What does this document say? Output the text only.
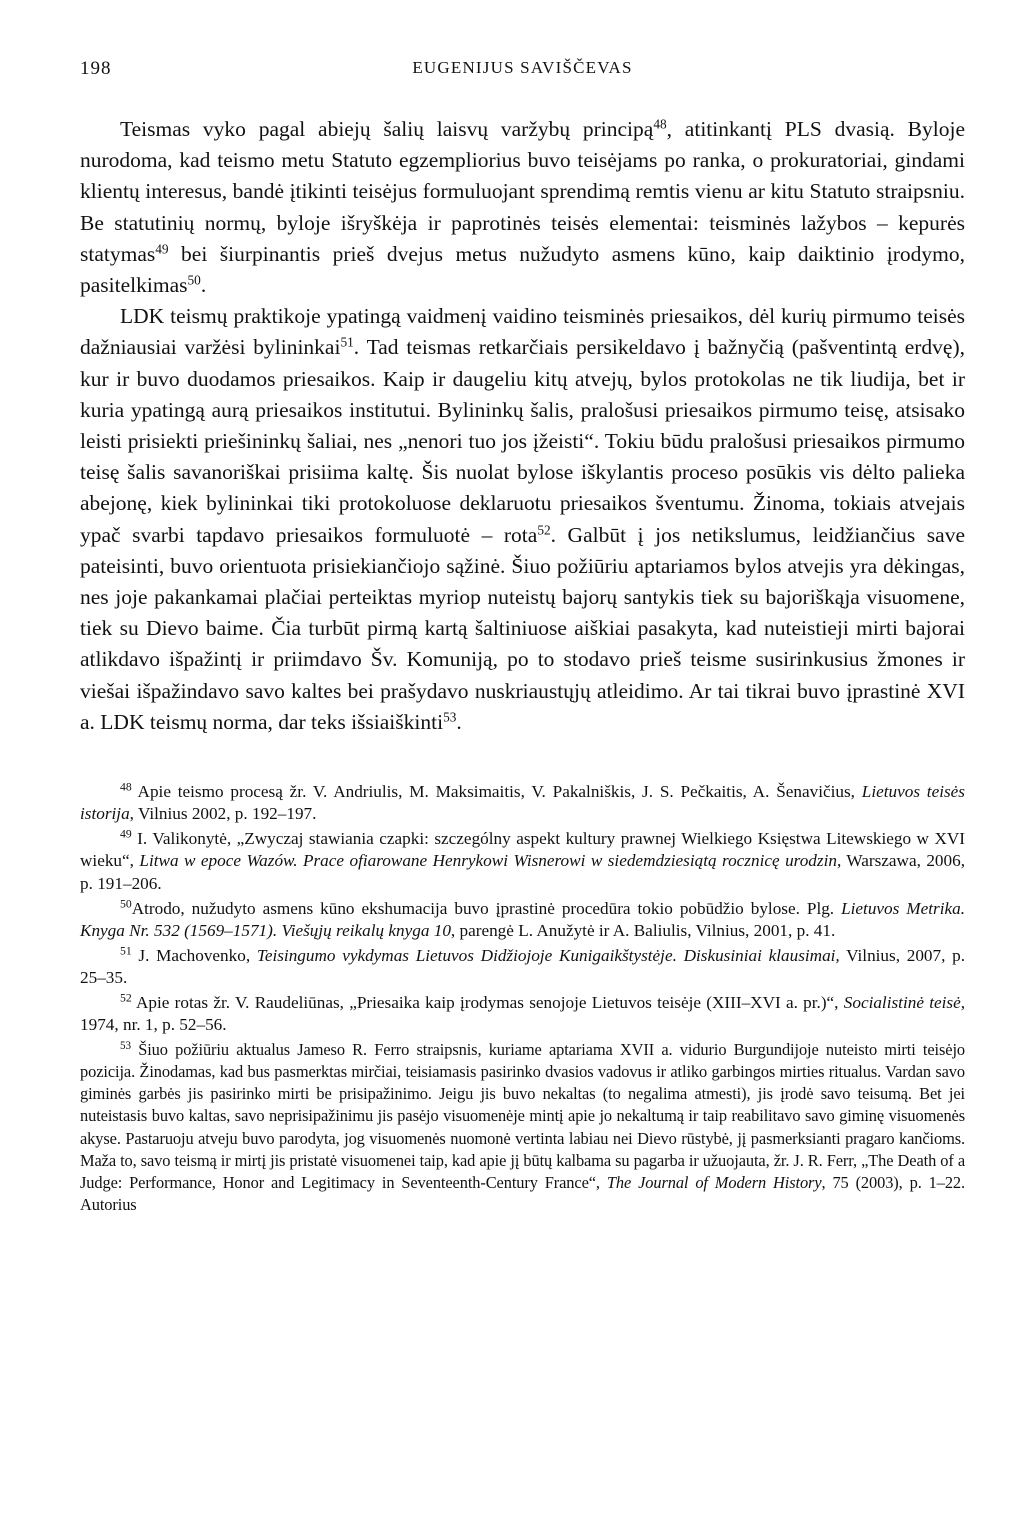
198	EUGENIJUS SAVIŠČEVAS

Teismas vyko pagal abiejų šalių laisvų varžybų principą$^{48}$, atitinkantį PLS dvasią. Byloje nurodoma, kad teismo metu Statuto egzempliorius buvo teisėjams po ranka, o prokuratoriai, gindami klientų interesus, bandė įtikinti teisėjus formuluojant sprendimą remtis vienu ar kitu Statuto straipsniu. Be statutinių normų, byloje išryškėja ir paprotinės teisės elementai: teisminės lažybos – kepurės statymas$^{49}$ bei šiurpinantis prieš dvejus metus nužudyto asmens kūno, kaip daiktinio įrodymo, pasitelkimas$^{50}$.

LDK teismų praktikoje ypatingą vaidmenį vaidino teisminės priesaikos, dėl kurių pirmumo teisės dažniausiai varžėsi bylininkai$^{51}$. Tad teismas retkarčiais persikeldavo į bažnyčią (pašventintą erdvę), kur ir buvo duodamos priesaikos. Kaip ir daugeliu kitų atvejų, bylos protokolas ne tik liudija, bet ir kuria ypatingą aurą priesaikos institutui. Bylininkų šalis, pralošusi priesaikos pirmumo teisę, atsisako leisti prisiekti priešininkų šaliai, nes „nenori tuo jos įžeisti“. Tokiu būdu pralošusi priesaikos pirmumo teisę šalis savanoriškai prisiima kaltę. Šis nuolat bylose iškylantis proceso posūkis vis dėlto palieka abejonę, kiek bylininkai tiki protokoluose deklaruotu priesaikos šventumu. Žinoma, tokiais atvejais ypač svarbi tapdavo priesaikos formuluotė – rota$^{52}$. Galbūt į jos netikslumus, leidžiančius save pateisinti, buvo orientuota prisiekiančiojo sąžinė. Šiuo požiūriu aptariamos bylos atvejis yra dėkingas, nes joje pakankamai plačiai perteiktas myriop nuteistų bajorų santykis tiek su bajoriškąja visuomene, tiek su Dievo baime. Čia turbūt pirmą kartą šaltiniuose aiškiai pasakyta, kad nuteistieji mirti bajorai atlikdavo išpažintį ir priimdavo Šv. Komuniją, po to stodavo prieš teisme susirinkusius žmones ir viešai išpažindavo savo kaltes bei prašydavo nuskriaustųjų atleidimo. Ar tai tikrai buvo įprastinė XVI a. LDK teismų norma, dar teks išsiaiškinti$^{53}$.

$^{48}$ Apie teismo procesą žr. V. Andriulis, M. Maksimaitis, V. Pakalniškis, J. S. Pečkaitis, A. Šenavičius, Lietuvos teisės istorija, Vilnius 2002, p. 192–197.

$^{49}$ I. Valikonytė, „Zwyczaj stawiania czapki: szczególny aspekt kultury prawnej Wielkiego Księstwa Litewskiego w XVI wieku“, Litwa w epoce Wazów. Prace ofiarowane Henrykowi Wisnerowi w siedemdziesiątą rocznicę urodzin, Warszawa, 2006, p. 191–206.

$^{50}$Atrodo, nužudyto asmens kūno ekshumacija buvo įprastinė procedūra tokio pobūdžio bylose. Plg. Lietuvos Metrika. Knyga Nr. 532 (1569–1571). Viešųjų reikalų knyga 10, parengė L. Anužytė ir A. Baliulis, Vilnius, 2001, p. 41.

$^{51}$ J. Machovenko, Teisingumo vykdymas Lietuvos Didžiojoje Kunigaikštystėje. Diskusiniai klausimai, Vilnius, 2007, p. 25–35.

$^{52}$ Apie rotas žr. V. Raudeliūnas, „Priesaika kaip įrodymas senojoje Lietuvos teisėje (XIII–XVI a. pr.)“, Socialistinė teisė, 1974, nr. 1, p. 52–56.

$^{53}$ Šiuo požiūriu aktualus Jameso R. Ferro straipsnis, kuriame aptariama XVII a. vidurio Burgundijoje nuteisto mirti teisėjo pozicija. Žinodamas, kad bus pasmerktas mirčiai, teisiamasis pasirinko dvasios vadovus ir atliko garbingos mirties ritualus. Vardan savo giminės garbės jis pasirinko mirti be prisipažinimo. Jeigu jis buvo nekaltas (to negalima atmesti), jis įrodė savo teisumą. Bet jei nuteistasis buvo kaltas, savo neprisipažinimu jis pasėjo visuomenėje mintį apie jo nekaltumą ir taip reabilitavo savo giminę visuomenės akyse. Pastaruoju atveju buvo parodyta, jog visuomenės nuomonė vertinta labiau nei Dievo rūstybė, jį pasmerksianti pragaro kančioms. Maža to, savo teismą ir mirtį jis pristatė visuomenei taip, kad apie jį būtų kalbama su pagarba ir užuojauta, žr. J. R. Ferr, „The Death of a Judge: Performance, Honor and Legitimacy in Seventeenth-Century France“, The Journal of Modern History, 75 (2003), p. 1–22. Autorius
